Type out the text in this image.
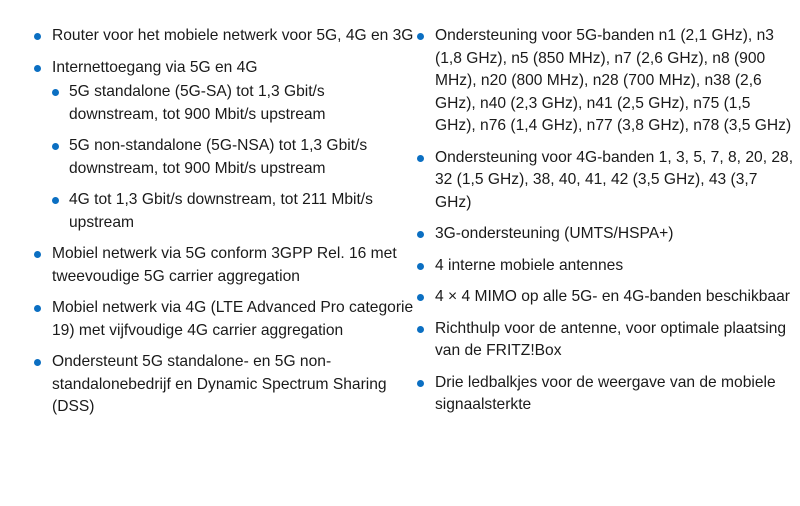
Router voor het mobiele netwerk voor 5G, 4G en 3G
Internettoegang via 5G en 4G
5G standalone (5G-SA) tot 1,3 Gbit/s downstream, tot 900 Mbit/s upstream
5G non-standalone (5G-NSA) tot 1,3 Gbit/s downstream, tot 900 Mbit/s upstream
4G tot 1,3 Gbit/s downstream, tot 211 Mbit/s upstream
Mobiel netwerk via 5G conform 3GPP Rel. 16 met tweevoudige 5G carrier aggregation
Mobiel netwerk via 4G (LTE Advanced Pro categorie 19) met vijfvoudige 4G carrier aggregation
Ondersteunt 5G standalone- en 5G non-standalonebedrijf en Dynamic Spectrum Sharing (DSS)
Ondersteuning voor 5G-banden n1 (2,1 GHz), n3 (1,8 GHz), n5 (850 MHz), n7 (2,6 GHz), n8 (900 MHz), n20 (800 MHz), n28 (700 MHz), n38 (2,6 GHz), n40 (2,3 GHz), n41 (2,5 GHz), n75 (1,5 GHz), n76 (1,4 GHz), n77 (3,8 GHz), n78 (3,5 GHz)
Ondersteuning voor 4G-banden 1, 3, 5, 7, 8, 20, 28, 32 (1,5 GHz), 38, 40, 41, 42 (3,5 GHz), 43 (3,7 GHz)
3G-ondersteuning (UMTS/HSPA+)
4 interne mobiele antennes
4 × 4 MIMO op alle 5G- en 4G-banden beschikbaar
Richthulp voor de antenne, voor optimale plaatsing van de FRITZ!Box
Drie ledbalkjes voor de weergave van de mobiele signaalsterkte
